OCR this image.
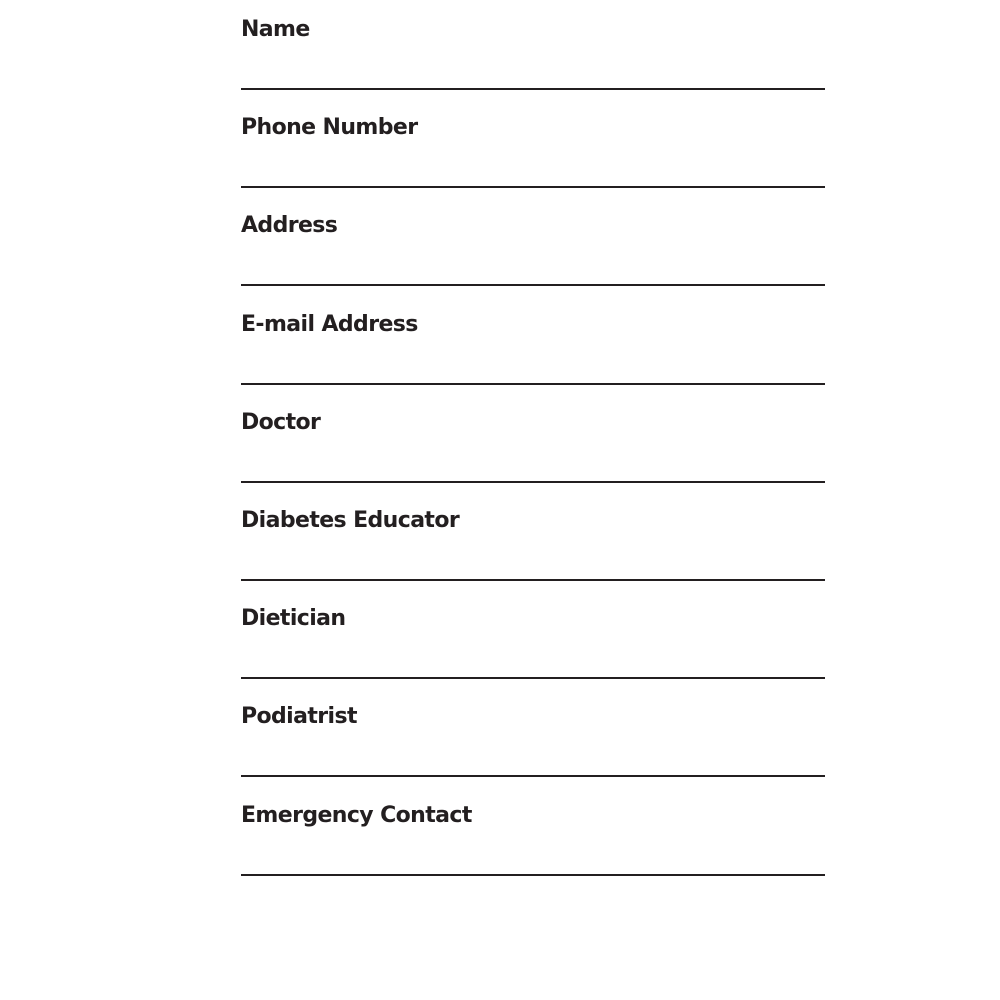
Name
Phone Number
Address
E-mail Address
Doctor
Diabetes Educator
Dietician
Podiatrist
Emergency Contact
